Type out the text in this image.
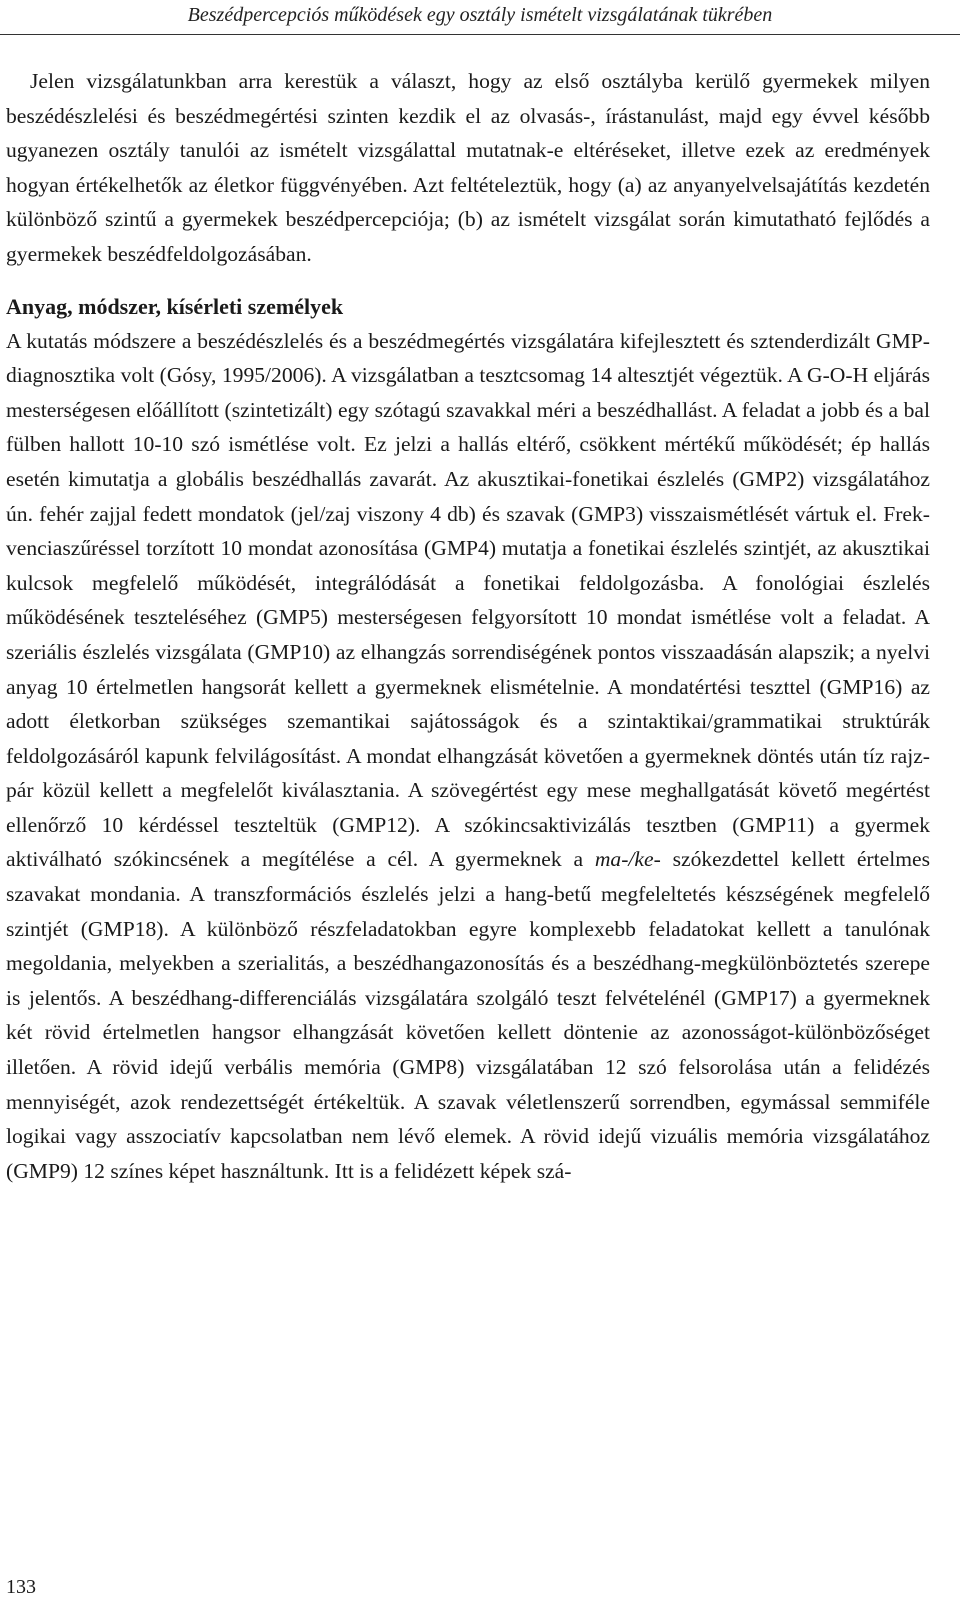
Beszédpercepciós működések egy osztály ismételt vizsgálatának tükrében

Jelen vizsgálatunkban arra kerestük a választ, hogy az első osztályba kerülő gyermekek milyen beszédészlelési és beszédmegértési szinten kezdik el az olvasás-, írástanulást, majd egy évvel később ugyanezen osztály tanulói az ismételt vizsgálattal mutatnak-e eltéréseket, illetve ezek az eredmények hogyan értékelhetők az életkor függvényében. Azt feltételeztük, hogy (a) az anyanyelvelsajátítás kezdetén különböző szintű a gyermekek beszédpercepciója; (b) az ismételt vizsgálat során kimutatható fejlődés a gyermekek beszédfeldolgozásában.

Anyag, módszer, kísérleti személyek

A kutatás módszere a beszédészlelés és a beszédmegértés vizsgálatára kifejlesztett és sztenderdizált GMP-diagnosztika volt (Gósy, 1995/2006). A vizsgálatban a tesztcsomag 14 altesztjét végeztük. A G-O-H eljárás mesterségesen előállított (szintetizált) egy szótagú szavakkal méri a beszédhallást. A feladat a jobb és a bal fülben hallott 10-10 szó ismétlése volt. Ez jelzi a hallás eltérő, csökkent mértékű működését; ép hallás esetén kimutatja a globális beszédhallás zavarát. Az akusztikai-fonetikai észlelés (GMP2) vizsgálatához ún. fehér zajjal fedett mondatok (jel/zaj viszony 4 db) és szavak (GMP3) visszaismétlését vártuk el. Frekvenciaszűréssel torzított 10 mondat azonosítása (GMP4) mutatja a fonetikai észlelés szintjét, az akusztikai kulcsok megfelelő működését, integrálódását a fonetikai feldolgozásba. A fonológiai észlelés működésének teszteléséhez (GMP5) mesterségesen felgyorsított 10 mondat ismétlése volt a feladat. A szeriális észlelés vizsgálata (GMP10) az elhangzás sorrendiségének pontos visszaadásán alapszik; a nyelvi anyag 10 értelmetlen hangsorát kellett a gyermeknek elismételnie. A mondatértési teszttel (GMP16) az adott életkorban szükséges szemantikai sajátosságok és a szintaktikai/grammatikai struktúrák feldolgozásáról kapunk felvilágosítást. A mondat elhangzását követően a gyermeknek döntés után tíz rajzpár közül kellett a megfelelőt kiválasztania. A szövegértést egy mese meghallgatását követő megértést ellenőrző 10 kérdéssel teszteltük (GMP12). A szókincsaktivizálás tesztben (GMP11) a gyermek aktiválható szókincsének a megítélése a cél. A gyermeknek a ma-/ke- szókezdettel kellett értelmes szavakat mondania. A transzformációs észlelés jelzi a hang-betű megfeleltetés készségének megfelelő szintjét (GMP18). A különböző részfeladatokban egyre komplexebb feladatokat kellett a tanulónak megoldania, melyekben a szerialitás, a beszédhangazonosítás és a beszédhang-megkülönböztetés szerepe is jelentős. A beszédhang-differenciálás vizsgálatára szolgáló teszt felvételénél (GMP17) a gyermeknek két rövid értelmetlen hangsor elhangzását követően kellett döntenie az azonosságot-különbözőséget illetően. A rövid idejű verbális memória (GMP8) vizsgálatában 12 szó felsorolása után a felidézés mennyiségét, azok rendezettségét értékeltük. A szavak véletlenszerű sorrendben, egymással semmiféle logikai vagy asszociatív kapcsolatban nem lévő elemek. A rövid idejű vizuális memória vizsgálatához (GMP9) 12 színes képet használtunk. Itt is a felidézett képek szá-

133
